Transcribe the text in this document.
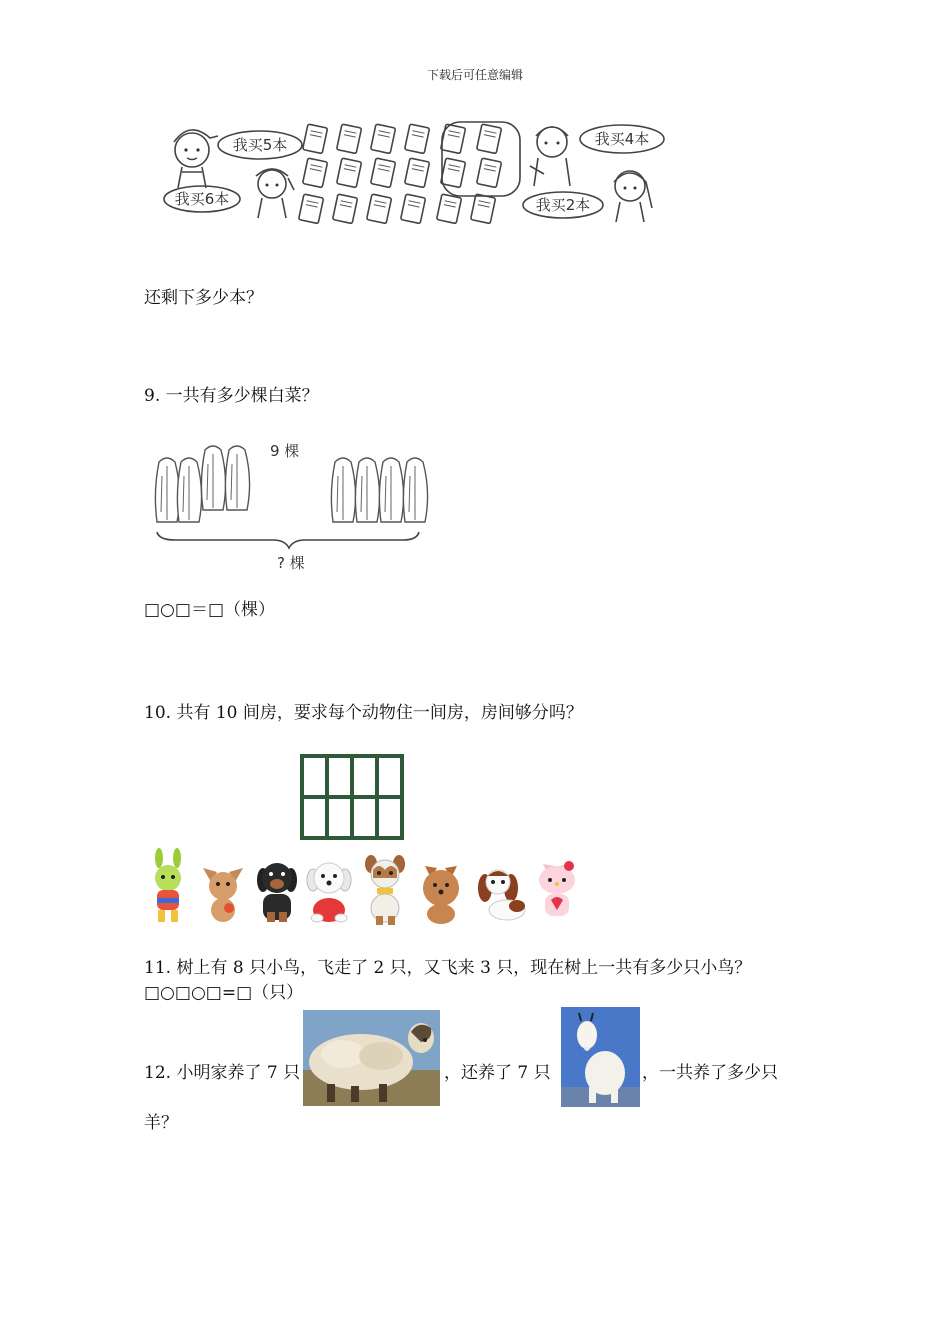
下载后可任意编辑
我买5本
我买6本
我买4本
我买2本
还剩下多少本？
9. 一共有多少棵白菜？
9 棵
? 棵
□○□＝□（棵）
10. 共有 10 间房，要求每个动物住一间房，房间够分吗？
11. 树上有 8 只小鸟，飞走了 2 只，又飞来 3 只，现在树上一共有多少只小鸟？
□○□○□=□（只）
12. 小明家养了 7 只	，还养了 7 只	，一共养了多少只
羊？
